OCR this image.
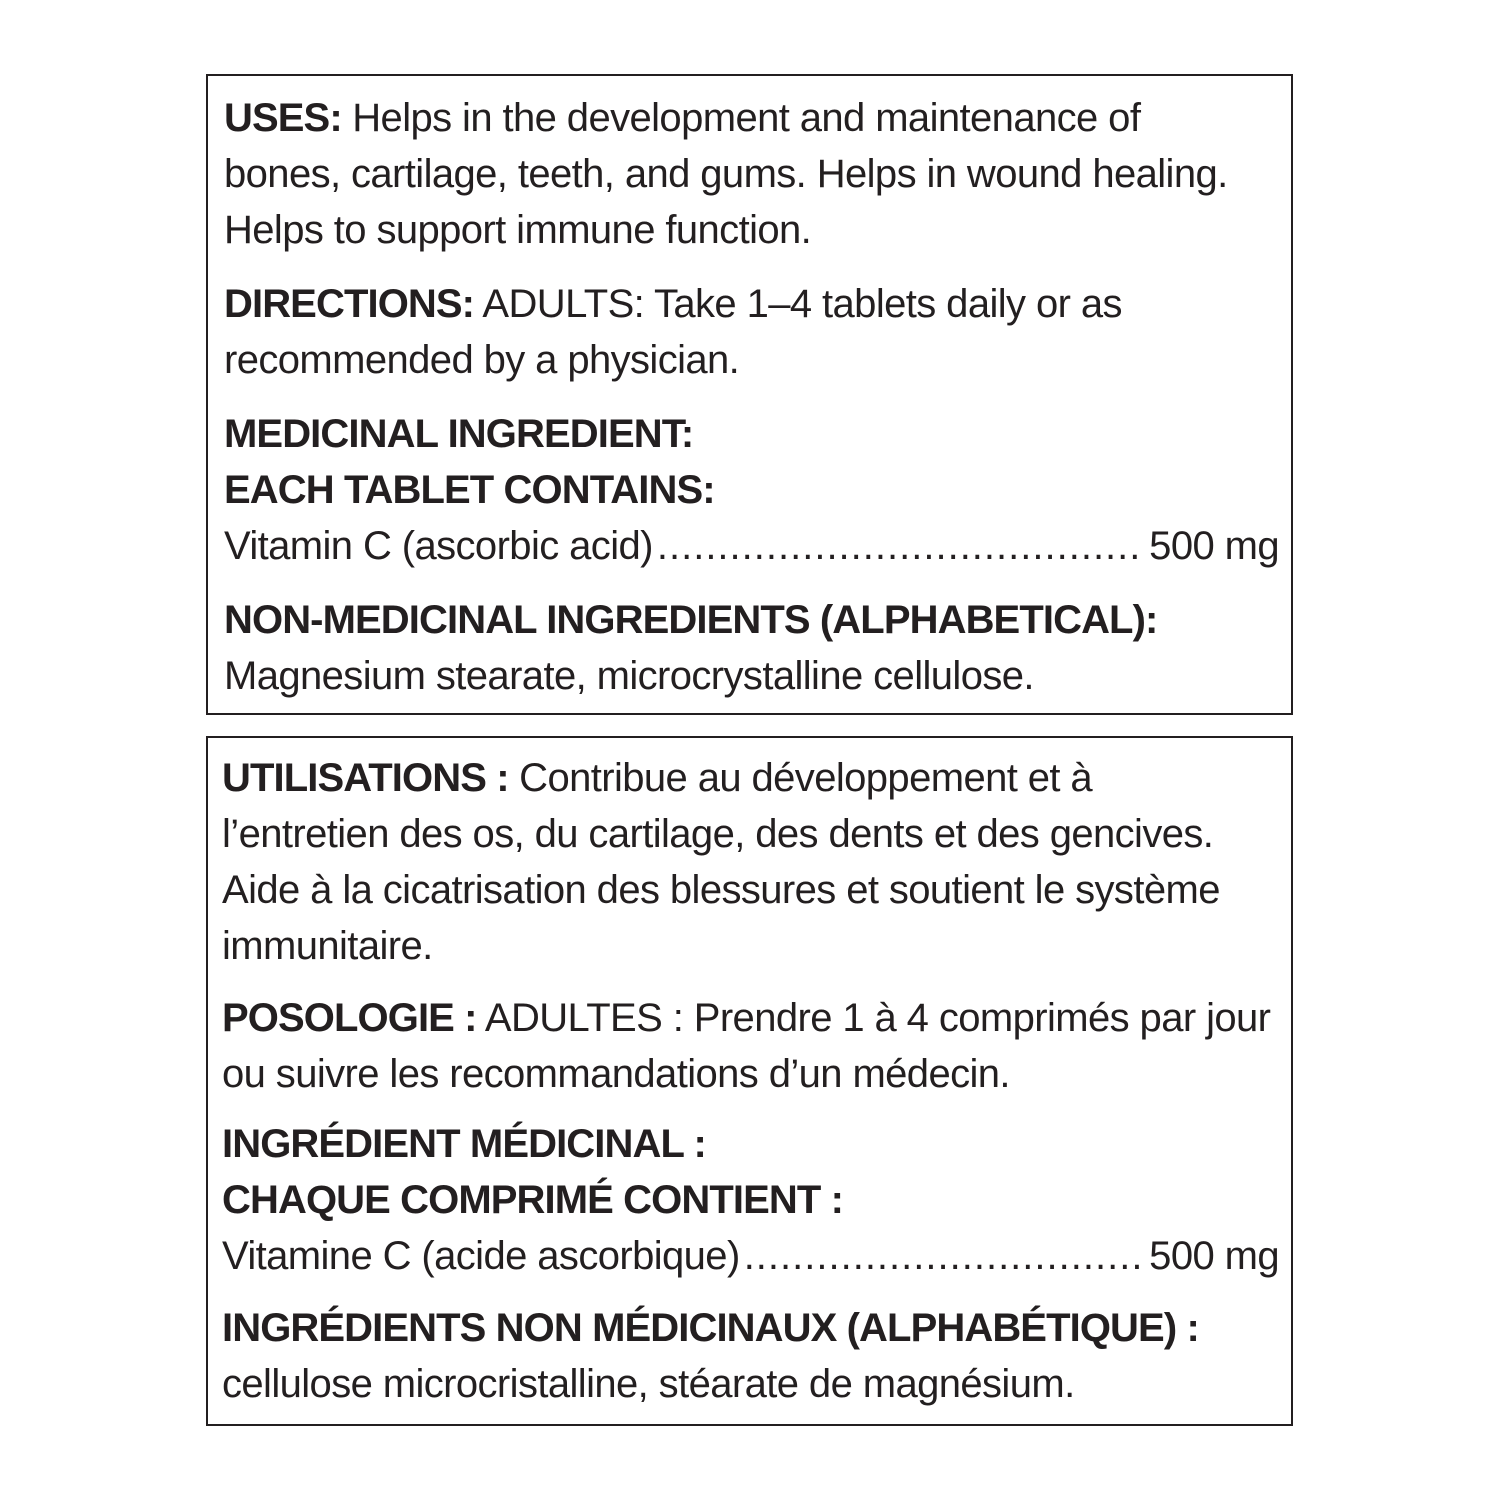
USES: Helps in the development and maintenance of
bones, cartilage, teeth, and gums. Helps in wound healing.
Helps to support immune function.
DIRECTIONS: ADULTS: Take 1–4 tablets daily or as
recommended by a physician.
MEDICINAL INGREDIENT:
EACH TABLET CONTAINS:
Vitamin C (ascorbic acid) .....	500 mg
NON-MEDICINAL INGREDIENTS (ALPHABETICAL):
Magnesium stearate, microcrystalline cellulose.
UTILISATIONS : Contribue au développement et à
l’entretien des os, du cartilage, des dents et des gencives.
Aide à la cicatrisation des blessures et soutient le système
immunitaire.
POSOLOGIE : ADULTES : Prendre 1 à 4 comprimés par jour
ou suivre les recommandations d’un médecin.
INGRÉDIENT MÉDICINAL :
CHAQUE COMPRIMÉ CONTIENT :
Vitamine C (acide ascorbique) .....	500 mg
INGRÉDIENTS NON MÉDICINAUX (ALPHABÉTIQUE) :
cellulose microcristalline, stéarate de magnésium.
